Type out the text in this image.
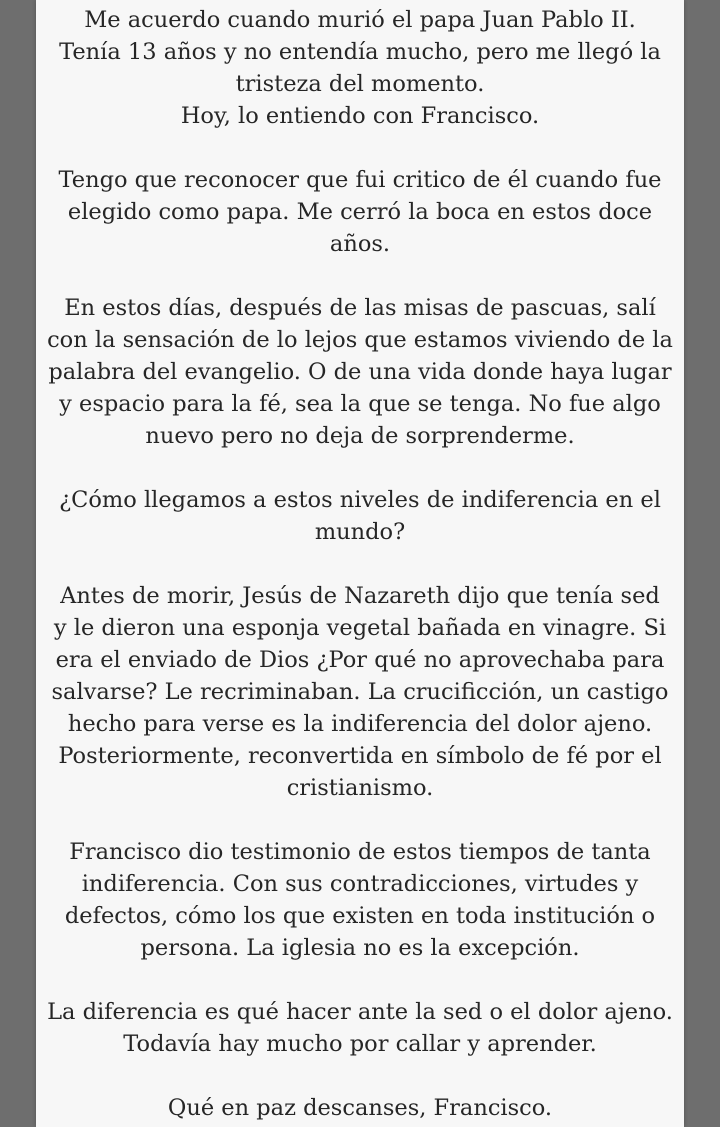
Me acuerdo cuando murió el papa Juan Pablo II.
Tenía 13 años y no entendía mucho, pero me llegó la
tristeza del momento.
Hoy, lo entiendo con Francisco.

Tengo que reconocer que fui critico de él cuando fue
elegido como papa. Me cerró la boca en estos doce
años.

En estos días, después de las misas de pascuas, salí
con la sensación de lo lejos que estamos viviendo de la
palabra del evangelio. O de una vida donde haya lugar
y espacio para la fé, sea la que se tenga. No fue algo
nuevo pero no deja de sorprenderme.

¿Cómo llegamos a estos niveles de indiferencia en el
mundo?

Antes de morir, Jesús de Nazareth dijo que tenía sed
y le dieron una esponja vegetal bañada en vinagre. Si
era el enviado de Dios ¿Por qué no aprovechaba para
salvarse? Le recriminaban. La crucificción, un castigo
hecho para verse es la indiferencia del dolor ajeno.
Posteriormente, reconvertida en símbolo de fé por el
cristianismo.

Francisco dio testimonio de estos tiempos de tanta
indiferencia. Con sus contradicciones, virtudes y
defectos, cómo los que existen en toda institución o
persona. La iglesia no es la excepción.

La diferencia es qué hacer ante la sed o el dolor ajeno.
Todavía hay mucho por callar y aprender.

Qué en paz descanses, Francisco.
